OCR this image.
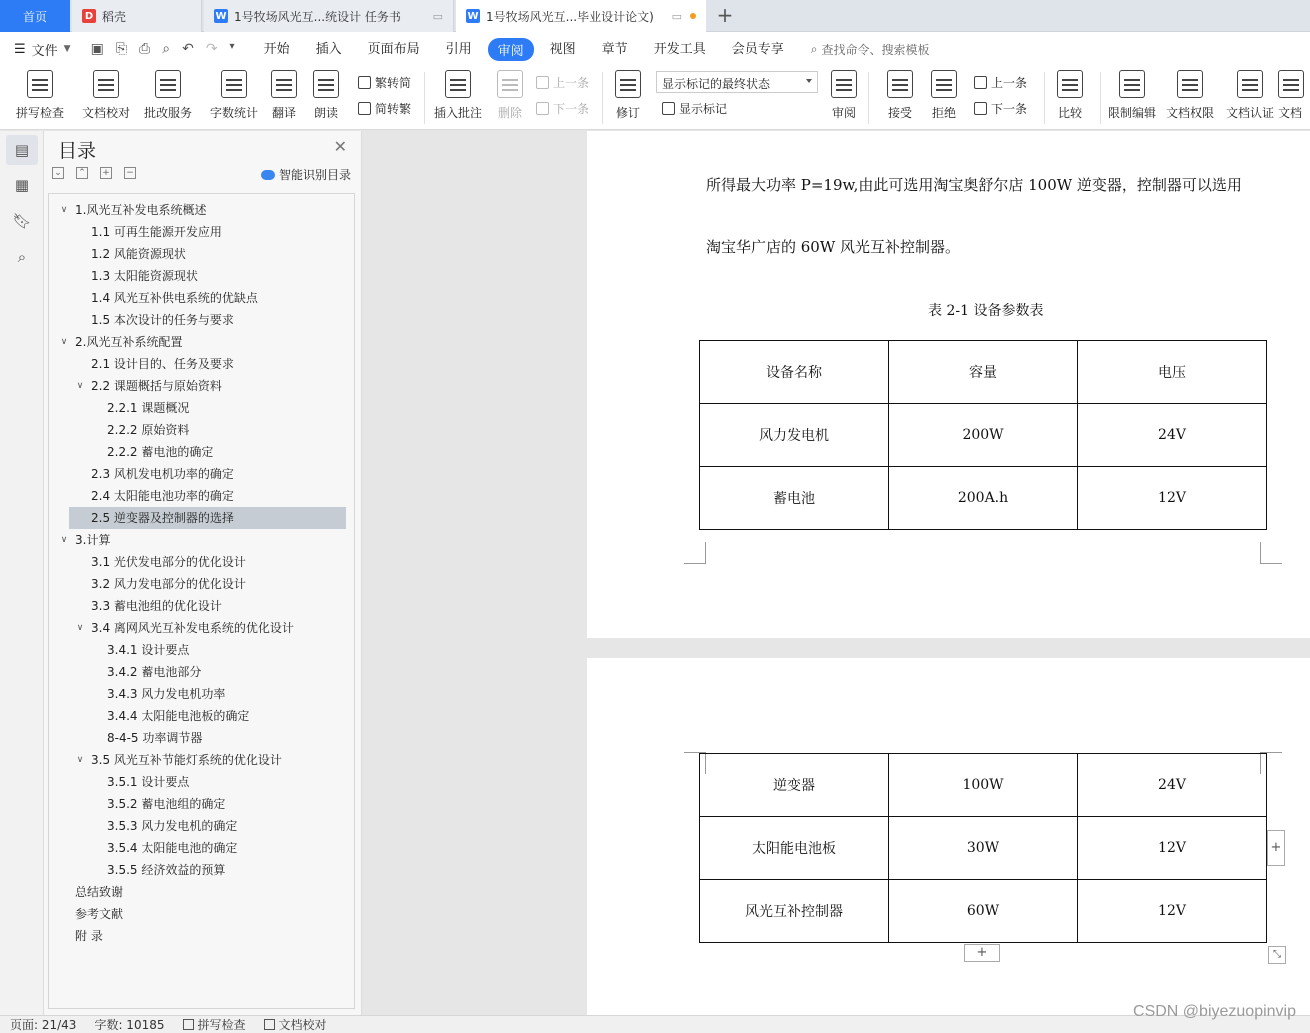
首页	D 稻壳	W 1号牧场风光互...统设计 任务书	▭ W 1号牧场风光互...毕业设计论文) ▭ +
☰ 文件 ▼ ▣ ⎘ ⎙ ⌕ ↶ ↷ ▾	开始	插入	页面布局	引用	审阅	视图	章节	开发工具	会员专享	⌕ 查找命令、搜索模板
拼写检查 文档校对 批改服务 字数统计 翻译 朗读
繁转简
简转繁 插入批注 删除
上一条
下一条 修订
显示标记的最终状态
显示标记	审阅	接受 拒绝
上一条
下一条	比较 限制编辑 文档权限 文档认证 文档
▤
▦
🔖︎
⌕
目录	✕
⌄ ⌃ + −	智能识别目录
∨ 1.风光互补发电系统概述
1.1 可再生能源开发应用
1.2 风能资源现状
1.3 太阳能资源现状
1.4 风光互补供电系统的优缺点
1.5 本次设计的任务与要求
∨ 2.风光互补系统配置
2.1 设计目的、任务及要求
∨ 2.2 课题概括与原始资料
2.2.1 课题概况
2.2.2 原始资料
2.2.2 蓄电池的确定
2.3 风机发电机功率的确定
2.4 太阳能电池功率的确定
2.5 逆变器及控制器的选择
∨ 3.计算
3.1 光伏发电部分的优化设计
3.2 风力发电部分的优化设计
3.3 蓄电池组的优化设计
∨ 3.4 离网风光互补发电系统的优化设计
3.4.1 设计要点
3.4.2 蓄电池部分
3.4.3 风力发电机功率
3.4.4 太阳能电池板的确定
8-4-5 功率调节器
∨ 3.5 风光互补节能灯系统的优化设计
3.5.1 设计要点
3.5.2 蓄电池组的确定
3.5.3 风力发电机的确定
3.5.4 太阳能电池的确定
3.5.5 经济效益的预算
总结致谢
参考文献
附 录
所得最大功率 P=19w,由此可选用淘宝奥舒尔店 100W 逆变器，控制器可以选用
淘宝华广店的 60W 风光互补控制器。
表 2-1 设备参数表
设备名称	容量	电压
风力发电机	200W	24V
蓄电池	200A.h	12V
逆变器	100W	24V
太阳能电池板	30W	12V
风光互补控制器	60W	12V
+
+	⤡
页面: 21/43 字数: 10185	拼写检查	文档校对
CSDN @biyezuopinvip
